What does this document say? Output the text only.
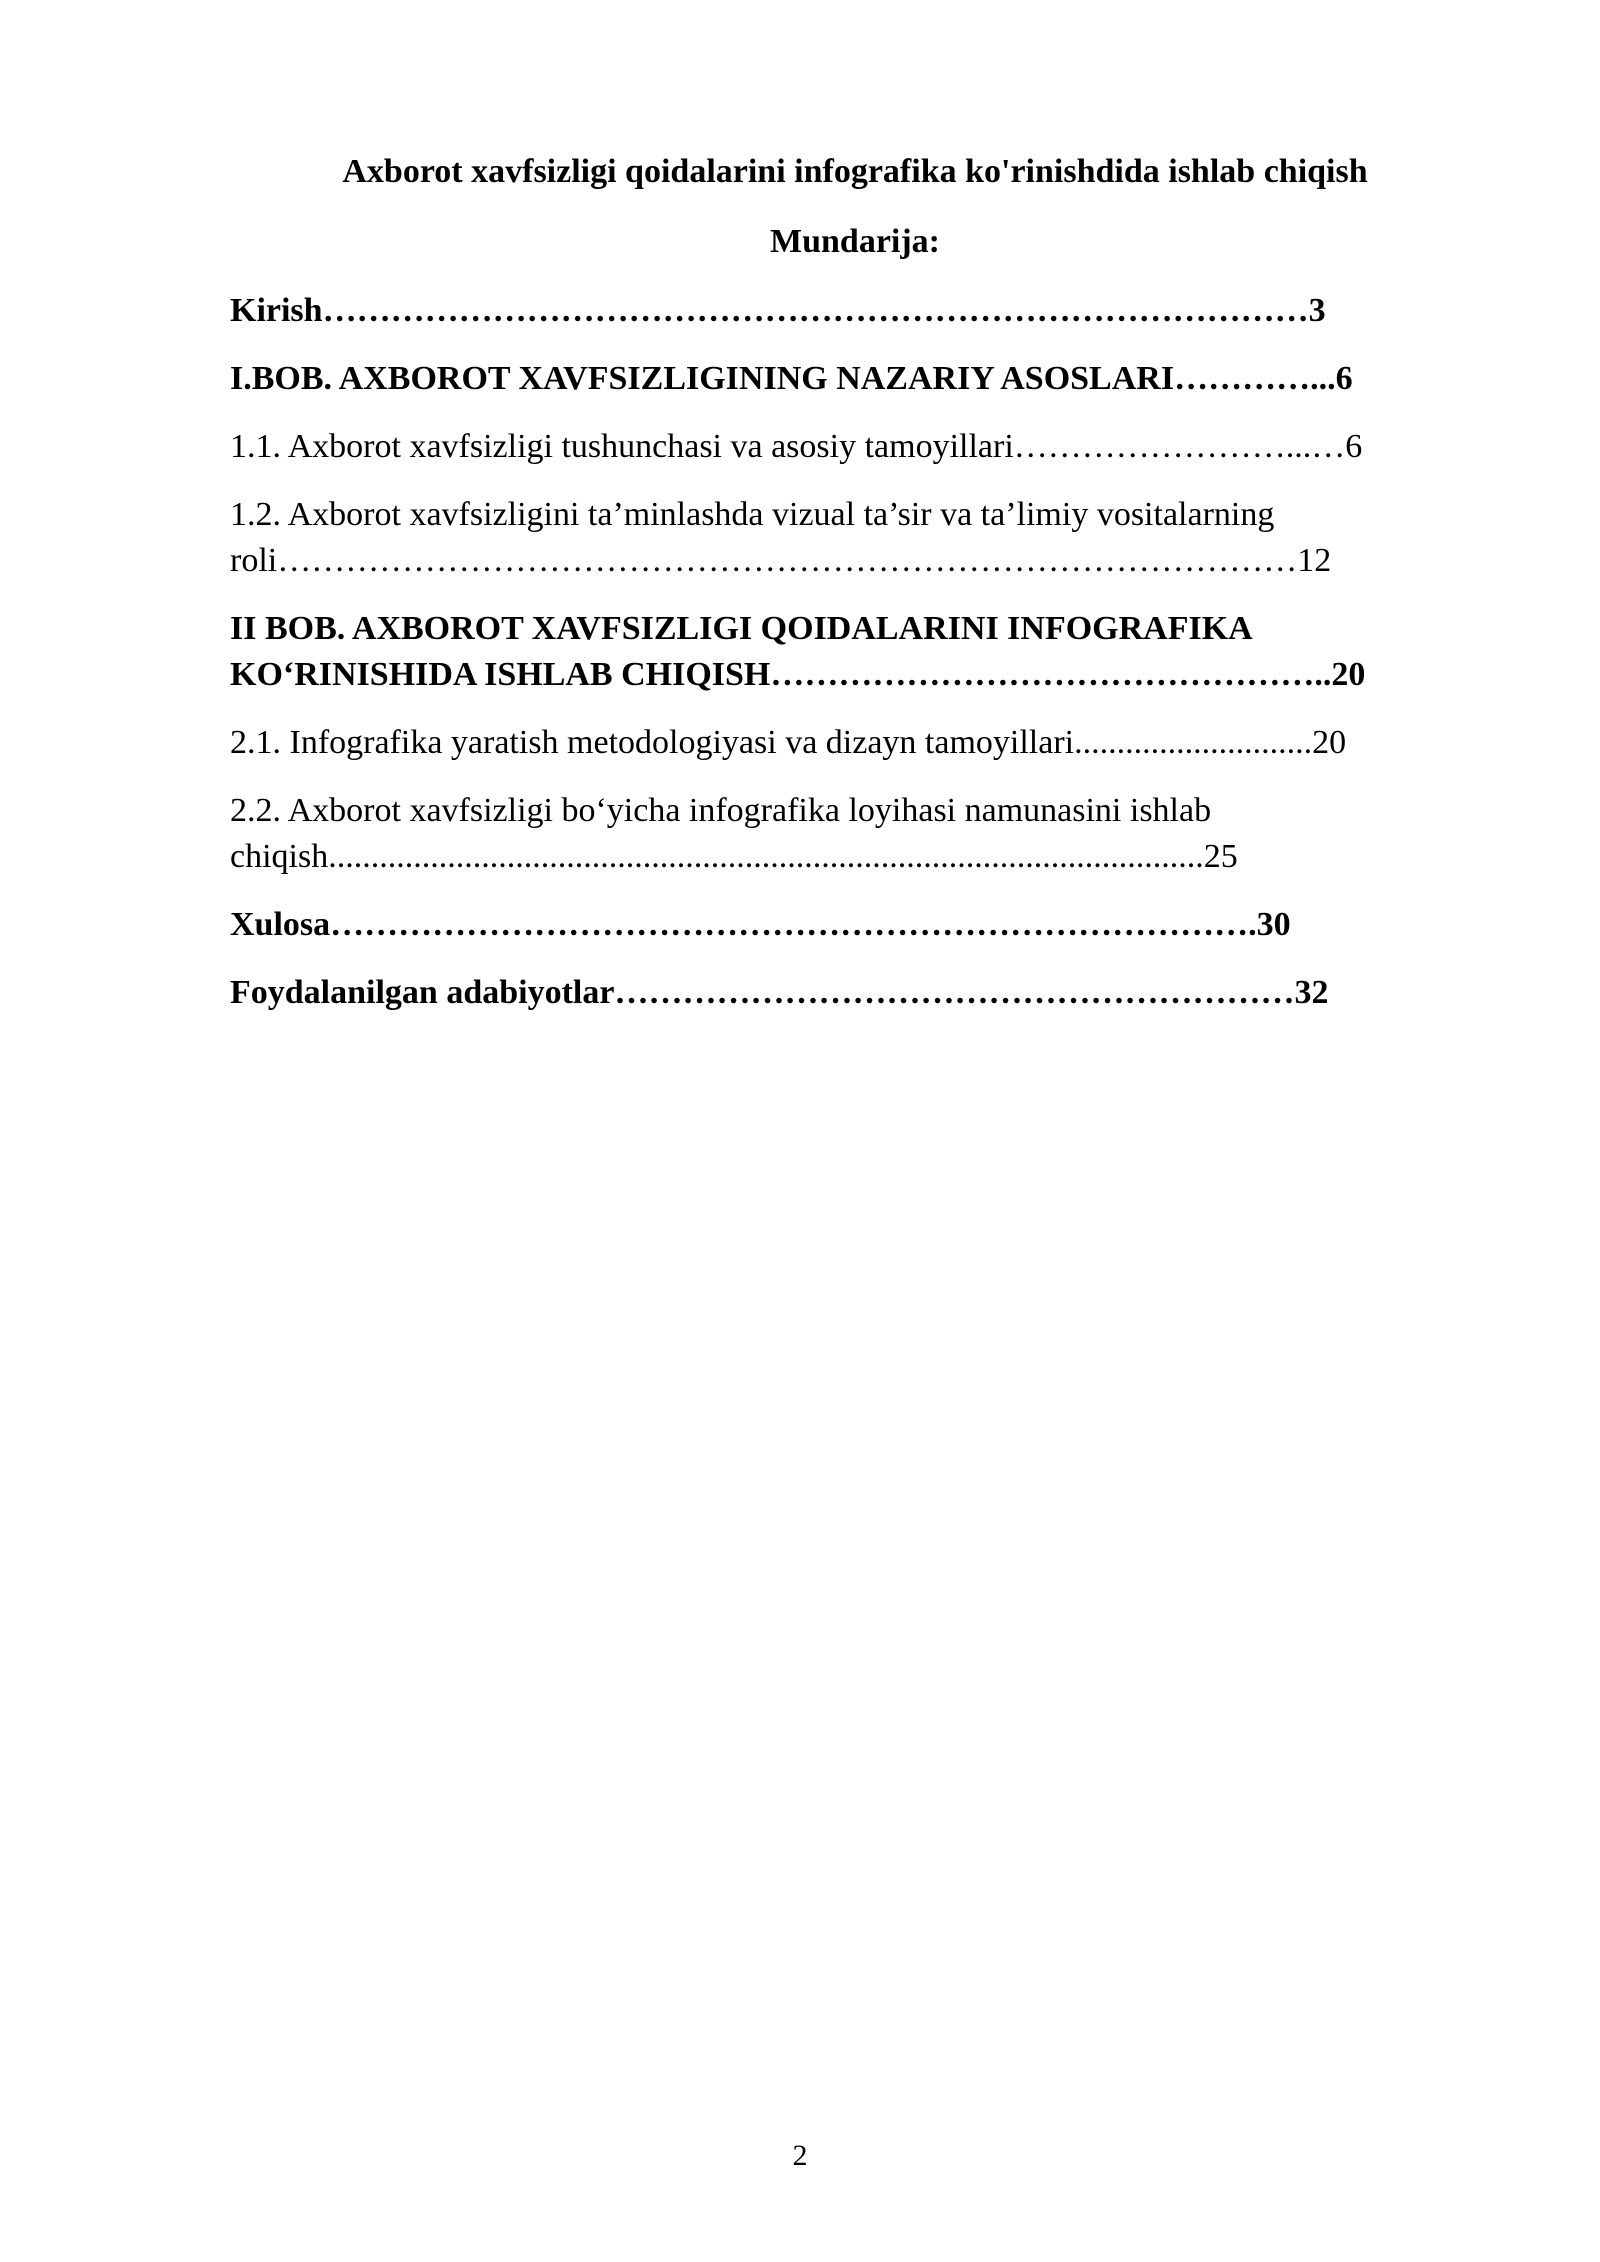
Axborot xavfsizligi qoidalarini infografika ko'rinishdida ishlab chiqish
Mundarija:
Kirish……………………………………………………………………………3
I.BOB. AXBOROT XAVFSIZLIGINING NAZARIY ASOSLARI…………...6
1.1. Axborot xavfsizligi tushunchasi va asosiy tamoyillari……………………...…6
1.2. Axborot xavfsizligini ta’minlashda vizual ta’sir va ta’limiy vositalarning roli………………………………………………………………………………12
II BOB. AXBOROT XAVFSIZLIGI QOIDALARINI INFOGRAFIKA KO‘RINISHIDA ISHLAB CHIQISH…………………………………………..20
2.1. Infografika yaratish metodologiyasi va dizayn tamoyillari............................20
2.2. Axborot xavfsizligi bo‘yicha infografika loyihasi namunasini ishlab chiqish.......................................................................................................25
Xulosa……………………………………………………………………….30
Foydalanilgan adabiyotlar……………………………………………………32
2
